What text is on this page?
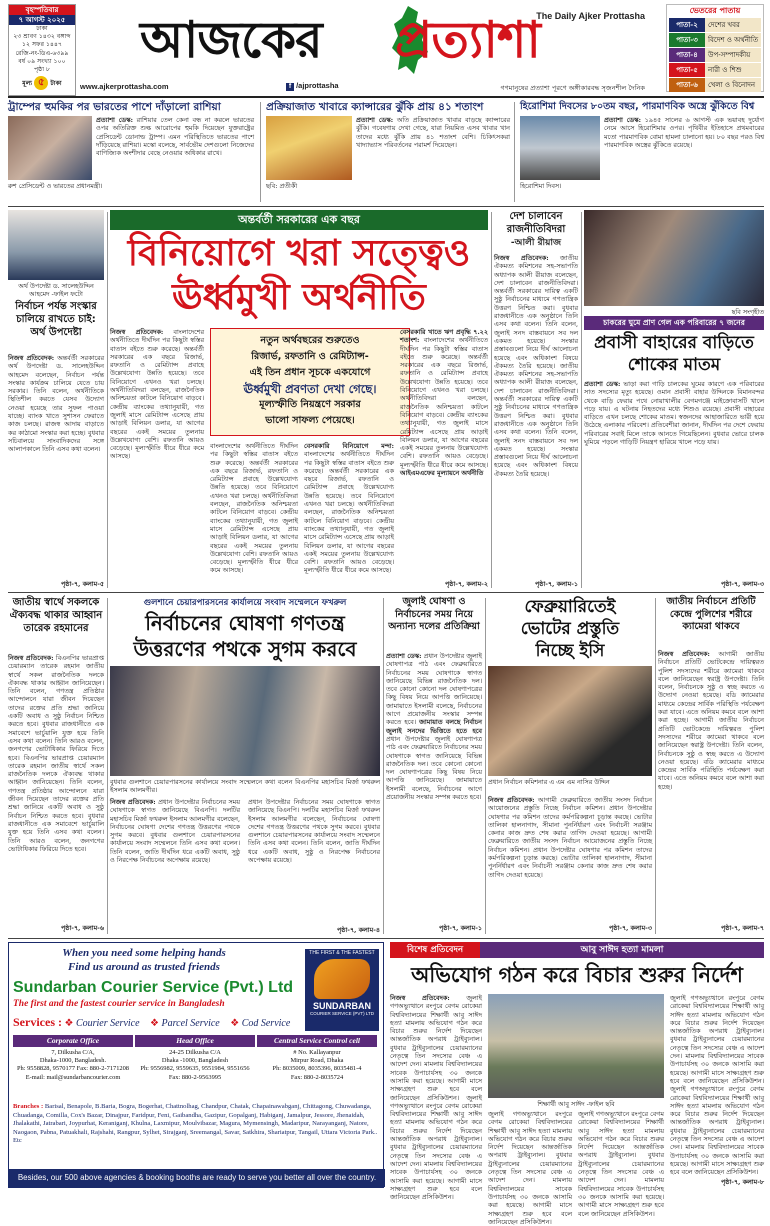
বৃহস্পতিবার
৭ আগস্ট ২০২৫
ঢাকা
২৩ শ্রাবণ ১৪৩২ বঙ্গাব্দ
১২ সফর ১৪৪৭
রেজি-নং-ডিএ-৬৩৯৯
বর্ষ ০৯ সংখ্যা ১০০
পৃষ্ঠা ৮
মূল্য ৫ টাকা
আজকের প্রত্যাশা
The Daily Ajker Prottasha
www.ajkerprottasha.com	f /ajprottasha	গণমানুষের প্রত্যাশা পূরণে অঙ্গীকারবদ্ধ সৃজনশীল দৈনিক
ভেতরের পাতায়
পাতা-২	দেশের খবর
পাতা-৩	বিদেশ ও অর্থনীতি
পাতা-৪	উপ-সম্পাদকীয়
পাতা-৫	নারী ও শিশু
পাতা-৬	খেলা ও বিনোদন
ট্রাম্পের হুমকির পর ভারতের পাশে দাঁড়ালো রাশিয়া
প্রত্যাশা ডেস্ক: রাশিয়ার তেল কেনা বন্ধ না করলে ভারতের ওপর অতিরিক্ত শুল্ক আরোপের হুমকি দিয়েছেন যুক্তরাষ্ট্রের প্রেসিডেন্ট ডোনাল্ড ট্রাম্প। এমন পরিস্থিতিতে ভারতের পাশে দাঁড়িয়েছে রাশিয়া। মস্কো বলেছে, সার্বভৌম দেশগুলো নিজেদের বাণিজ্যিক অংশীদার বেছে নেওয়ার অধিকার রাখে।
রুশ প্রেসিডেন্ট ও ভারতের প্রধানমন্ত্রী।
প্রক্রিয়াজাত খাবারে ক্যান্সারের ঝুঁকি প্রায় ৪১ শতাংশ
প্রত্যাশা ডেস্ক: অতি প্রক্রিয়াজাত খাবার বাড়ছে ক্যান্সারের ঝুঁকি। গবেষণায় দেখা গেছে, যারা নিয়মিত এসব খাবার খান তাদের মধ্যে ঝুঁকি প্রায় ৪১ শতাংশ বেশি। চিকিৎসকরা খাদ্যাভ্যাস পরিবর্তনের পরামর্শ দিয়েছেন।
ছবি: প্রতীকী
হিরোশিমা দিবসের ৮০তম বছর, পারমাণবিক অস্ত্রে ঝুঁকিতে বিশ্ব
প্রত্যাশা ডেস্ক: ১৯৪৫ সালের ৬ আগস্ট এক ভয়াবহ দুর্যোগ নেমে আসে হিরোশিমার ওপর। পৃথিবীর ইতিহাসে প্রথমবারের মতো পারমাণবিক বোমা হামলা চালানো হয়। ৮০ বছর পরও বিশ্ব পারমাণবিক অস্ত্রের ঝুঁকিতে রয়েছে।
হিরোশিমা দিবস।
অর্থ উপদেষ্টা ড. সালেহউদ্দিন আহমেদ -ফাইল ফটো
নির্বাচন পর্যন্ত সংস্কার চালিয়ে রাখতে চাই: অর্থ উপদেষ্টা
নিজস্ব প্রতিবেদক: অন্তর্বর্তী সরকারের অর্থ উপদেষ্টা ড. সালেহউদ্দিন আহমেদ বলেছেন, নির্বাচন পর্যন্ত সংস্কার কার্যক্রম চালিয়ে যেতে চায় সরকার। তিনি বলেন, অর্থনীতিকে স্থিতিশীল করতে যেসব উদ্যোগ নেওয়া হয়েছে তার সুফল পাওয়া যাচ্ছে। ব্যাংক খাতে সুশাসন ফেরাতে কাজ চলছে। রাজস্ব আদায় বাড়াতে কর কাঠামো সংস্কার করা হচ্ছে। বুধবার সচিবালয়ে সাংবাদিকদের সঙ্গে আলাপকালে তিনি এসব কথা বলেন।
পৃষ্ঠা-৭, কলাম-৫
অন্তর্বর্তী সরকারের এক বছর
বিনিয়োগে খরা সত্ত্বেও
ঊর্ধ্বমুখী অর্থনীতি
নতুন অর্থবছরের শুরুতেও
রিজার্ভ, রফতানি ও রেমিট্যান্স-
এই তিন প্রধান সূচকে একযোগে
ঊর্ধ্বমুখী প্রবণতা দেখা গেছে।
মূল্যস্ফীতি নিয়ন্ত্রণে সরকার
ভালো সাফল্য পেয়েছে।
নিজস্ব প্রতিবেদক: বাংলাদেশের অর্থনীতিতে দীর্ঘদিন পর কিছুটা স্বস্তির বাতাস বইতে শুরু করেছে। অন্তর্বর্তী সরকারের এক বছরে রিজার্ভ, রফতানি ও রেমিট্যান্স প্রবাহে উল্লেখযোগ্য উন্নতি হয়েছে। তবে বিনিয়োগে এখনও খরা চলছে। অর্থনীতিবিদরা বলছেন, রাজনৈতিক অনিশ্চয়তা কাটলে বিনিয়োগ বাড়বে। কেন্দ্রীয় ব্যাংকের তথ্যানুযায়ী, গত জুলাই মাসে রেমিট্যান্স এসেছে প্রায় আড়াই বিলিয়ন ডলার, যা আগের বছরের একই সময়ের তুলনায় উল্লেখযোগ্য বেশি। রফতানি আয়ও বেড়েছে। মূল্যস্ফীতি ধীরে ধীরে কমে আসছে।
বাংলাদেশের অর্থনীতিতে দীর্ঘদিন পর কিছুটা স্বস্তির বাতাস বইতে শুরু করেছে। অন্তর্বর্তী সরকারের এক বছরে রিজার্ভ, রফতানি ও রেমিট্যান্স প্রবাহে উল্লেখযোগ্য উন্নতি হয়েছে। তবে বিনিয়োগে এখনও খরা চলছে। অর্থনীতিবিদরা বলছেন, রাজনৈতিক অনিশ্চয়তা কাটলে বিনিয়োগ বাড়বে। কেন্দ্রীয় ব্যাংকের তথ্যানুযায়ী, গত জুলাই মাসে রেমিট্যান্স এসেছে প্রায় আড়াই বিলিয়ন ডলার, যা আগের বছরের একই সময়ের তুলনায় উল্লেখযোগ্য বেশি। রফতানি আয়ও বেড়েছে। মূল্যস্ফীতি ধীরে ধীরে কমে আসছে।
বেসরকারি বিনিয়োগে মন্দা: বাংলাদেশের অর্থনীতিতে দীর্ঘদিন পর কিছুটা স্বস্তির বাতাস বইতে শুরু করেছে। অন্তর্বর্তী সরকারের এক বছরে রিজার্ভ, রফতানি ও রেমিট্যান্স প্রবাহে উল্লেখযোগ্য উন্নতি হয়েছে। তবে বিনিয়োগে এখনও খরা চলছে। অর্থনীতিবিদরা বলছেন, রাজনৈতিক অনিশ্চয়তা কাটলে বিনিয়োগ বাড়বে। কেন্দ্রীয় ব্যাংকের তথ্যানুযায়ী, গত জুলাই মাসে রেমিট্যান্স এসেছে প্রায় আড়াই বিলিয়ন ডলার, যা আগের বছরের একই সময়ের তুলনায় উল্লেখযোগ্য বেশি। রফতানি আয়ও বেড়েছে। মূল্যস্ফীতি ধীরে ধীরে কমে আসছে।
বেসরকারি খাতে ঋণ প্রবৃদ্ধি ৭.২২ শতাংশ: বাংলাদেশের অর্থনীতিতে দীর্ঘদিন পর কিছুটা স্বস্তির বাতাস বইতে শুরু করেছে। অন্তর্বর্তী সরকারের এক বছরে রিজার্ভ, রফতানি ও রেমিট্যান্স প্রবাহে উল্লেখযোগ্য উন্নতি হয়েছে। তবে বিনিয়োগে এখনও খরা চলছে। অর্থনীতিবিদরা বলছেন, রাজনৈতিক অনিশ্চয়তা কাটলে বিনিয়োগ বাড়বে। কেন্দ্রীয় ব্যাংকের তথ্যানুযায়ী, গত জুলাই মাসে রেমিট্যান্স এসেছে প্রায় আড়াই বিলিয়ন ডলার, যা আগের বছরের একই সময়ের তুলনায় উল্লেখযোগ্য বেশি। রফতানি আয়ও বেড়েছে। মূল্যস্ফীতি ধীরে ধীরে কমে আসছে। আইএমএফের মূল্যায়নে অর্থনীতি
পৃষ্ঠা-৭, কলাম-২
দেশ চালাবেন
রাজনীতিবিদরা
-আলী রীয়াজ
নিজস্ব প্রতিবেদক: জাতীয় ঐকমত্য কমিশনের সহ-সভাপতি অধ্যাপক আলী রীয়াজ বলেছেন, দেশ চালাবেন রাজনীতিবিদরা। অন্তর্বর্তী সরকারের দায়িত্ব একটি সুষ্ঠু নির্বাচনের মাধ্যমে গণতান্ত্রিক উত্তরণ নিশ্চিত করা। বুধবার রাজধানীতে এক অনুষ্ঠানে তিনি এসব কথা বলেন। তিনি বলেন, জুলাই সনদ বাস্তবায়নে সব দল একমত হয়েছে। সংস্কার প্রস্তাবগুলো নিয়ে দীর্ঘ আলোচনা হয়েছে এবং অধিকাংশ বিষয়ে ঐকমত্য তৈরি হয়েছে। জাতীয় ঐকমত্য কমিশনের সহ-সভাপতি অধ্যাপক আলী রীয়াজ বলেছেন, দেশ চালাবেন রাজনীতিবিদরা। অন্তর্বর্তী সরকারের দায়িত্ব একটি সুষ্ঠু নির্বাচনের মাধ্যমে গণতান্ত্রিক উত্তরণ নিশ্চিত করা। বুধবার রাজধানীতে এক অনুষ্ঠানে তিনি এসব কথা বলেন। তিনি বলেন, জুলাই সনদ বাস্তবায়নে সব দল একমত হয়েছে। সংস্কার প্রস্তাবগুলো নিয়ে দীর্ঘ আলোচনা হয়েছে এবং অধিকাংশ বিষয়ে ঐকমত্য তৈরি হয়েছে।
পৃষ্ঠা-৭, কলাম-১
ছবি সংগৃহীত
চাকরের ঘুমে প্রাণ গেল এক পরিবারের ৭ জনের
প্রবাসী বাহারের বাড়িতে
শোকের মাতম
প্রত্যাশা ডেস্ক: ভাড়া করা গাড়ি চালকের ঘুমের কারণে এক পরিবারের সাত সদস্যের মৃত্যু হয়েছে। ওমান প্রবাসী বাহার উদ্দিনকে বিমানবন্দর থেকে বাড়ি ফেরার পথে নোয়াখালীর বেগমগঞ্জে মাইক্রোবাসটি খালে পড়ে যায়। এ ঘটনায় নিহতদের মধ্যে শিশুও রয়েছে। প্রবাসী বাহারের বাড়িতে এখন চলছে শোকের মাতম। স্বজনদের আহাজারিতে ভারী হয়ে উঠেছে এলাকার পরিবেশ। প্রতিবেশীরা জানান, দীর্ঘদিন পর দেশে ফেরায় পরিবারের সবাই মিলে তাকে আনতে গিয়েছিলেন। বুধবার ভোরে চালক ঘুমিয়ে পড়লে গাড়িটি নিয়ন্ত্রণ হারিয়ে খালে পড়ে যায়।
পৃষ্ঠা-৭, কলাম-৩
জাতীয় স্বার্থে সকলকে ঐক্যবদ্ধ থাকার আহ্বান তারেক রহমানের
নিজস্ব প্রতিবেদক: বিএনপির ভারপ্রাপ্ত চেয়ারম্যান তারেক রহমান জাতীয় স্বার্থে সকল রাজনৈতিক দলকে ঐক্যবদ্ধ থাকার আহ্বান জানিয়েছেন। তিনি বলেন, গণতন্ত্র প্রতিষ্ঠার আন্দোলনে যারা জীবন দিয়েছেন তাদের রক্তের প্রতি শ্রদ্ধা জানিয়ে একটি অবাধ ও সুষ্ঠু নির্বাচন নিশ্চিত করতে হবে। বুধবার রাজধানীতে এক সমাবেশে ভার্চুয়ালি যুক্ত হয়ে তিনি এসব কথা বলেন। তিনি আরও বলেন, জনগণের ভোটাধিকার ফিরিয়ে দিতে হবে। বিএনপির ভারপ্রাপ্ত চেয়ারম্যান তারেক রহমান জাতীয় স্বার্থে সকল রাজনৈতিক দলকে ঐক্যবদ্ধ থাকার আহ্বান জানিয়েছেন। তিনি বলেন, গণতন্ত্র প্রতিষ্ঠার আন্দোলনে যারা জীবন দিয়েছেন তাদের রক্তের প্রতি শ্রদ্ধা জানিয়ে একটি অবাধ ও সুষ্ঠু নির্বাচন নিশ্চিত করতে হবে। বুধবার রাজধানীতে এক সমাবেশে ভার্চুয়ালি যুক্ত হয়ে তিনি এসব কথা বলেন। তিনি আরও বলেন, জনগণের ভোটাধিকার ফিরিয়ে দিতে হবে।
পৃষ্ঠা-৭, কলাম-৬
গুলশানে চেয়ারপারসনের কার্যালয়ে সংবাদ সম্মেলনে ফখরুল
নির্বাচনের ঘোষণা গণতন্ত্র
উত্তরণের পথকে সুগম করবে
বুধবার গুলশানে চেয়ারপারসনের কার্যালয়ে সংবাদ সম্মেলনে কথা বলেন বিএনপির মহাসচিব মির্জা ফখরুল ইসলাম আলমগীর।
নিজস্ব প্রতিবেদক: প্রধান উপদেষ্টার নির্বাচনের সময় ঘোষণাকে স্বাগত জানিয়েছে বিএনপি। দলটির মহাসচিব মির্জা ফখরুল ইসলাম আলমগীর বলেছেন, নির্বাচনের ঘোষণা দেশের গণতন্ত্র উত্তরণের পথকে সুগম করবে। বুধবার গুলশানে চেয়ারপারসনের কার্যালয়ে সংবাদ সম্মেলনে তিনি এসব কথা বলেন। তিনি বলেন, জাতি দীর্ঘদিন ধরে একটি অবাধ, সুষ্ঠু ও নিরপেক্ষ নির্বাচনের অপেক্ষায় রয়েছে।
প্রধান উপদেষ্টার নির্বাচনের সময় ঘোষণাকে স্বাগত জানিয়েছে বিএনপি। দলটির মহাসচিব মির্জা ফখরুল ইসলাম আলমগীর বলেছেন, নির্বাচনের ঘোষণা দেশের গণতন্ত্র উত্তরণের পথকে সুগম করবে। বুধবার গুলশানে চেয়ারপারসনের কার্যালয়ে সংবাদ সম্মেলনে তিনি এসব কথা বলেন। তিনি বলেন, জাতি দীর্ঘদিন ধরে একটি অবাধ, সুষ্ঠু ও নিরপেক্ষ নির্বাচনের অপেক্ষায় রয়েছে।
পৃষ্ঠা-৭, কলাম-৪
জুলাই ঘোষণা ও নির্বাচনের সময় নিয়ে অন্যান্য দলের প্রতিক্রিয়া
প্রত্যাশা ডেস্ক: প্রধান উপদেষ্টার জুলাই ঘোষণাপত্র পাঠ এবং ফেব্রুয়ারিতে নির্বাচনের সময় ঘোষণাকে স্বাগত জানিয়েছে বিভিন্ন রাজনৈতিক দল। তবে কোনো কোনো দল ঘোষণাপত্রের কিছু বিষয় নিয়ে আপত্তি জানিয়েছে। জামায়াতে ইসলামী বলেছে, নির্বাচনের আগে প্রয়োজনীয় সংস্কার সম্পন্ন করতে হবে। জামায়াত বলছে নির্বাচন জুলাই সনদের ভিত্তিতে হতে হবে প্রধান উপদেষ্টার জুলাই ঘোষণাপত্র পাঠ এবং ফেব্রুয়ারিতে নির্বাচনের সময় ঘোষণাকে স্বাগত জানিয়েছে বিভিন্ন রাজনৈতিক দল। তবে কোনো কোনো দল ঘোষণাপত্রের কিছু বিষয় নিয়ে আপত্তি জানিয়েছে। জামায়াতে ইসলামী বলেছে, নির্বাচনের আগে প্রয়োজনীয় সংস্কার সম্পন্ন করতে হবে।
পৃষ্ঠা-৭, কলাম-১
ফেব্রুয়ারিতেই
ভোটের প্রস্তুতি
নিচ্ছে ইসি
প্রধান নির্বাচন কমিশনার এ এম এম নাসির উদ্দিন
নিজস্ব প্রতিবেদক: আগামী ফেব্রুয়ারিতে জাতীয় সংসদ নির্বাচন আয়োজনের প্রস্তুতি নিচ্ছে নির্বাচন কমিশন। প্রধান উপদেষ্টার ঘোষণার পর কমিশন তাদের কর্মপরিকল্পনা চূড়ান্ত করছে। ভোটার তালিকা হালনাগাদ, সীমানা পুনর্নির্ধারণ এবং নির্বাচনী সরঞ্জাম কেনার কাজ দ্রুত শেষ করার তাগিদ দেওয়া হয়েছে। আগামী ফেব্রুয়ারিতে জাতীয় সংসদ নির্বাচন আয়োজনের প্রস্তুতি নিচ্ছে নির্বাচন কমিশন। প্রধান উপদেষ্টার ঘোষণার পর কমিশন তাদের কর্মপরিকল্পনা চূড়ান্ত করছে। ভোটার তালিকা হালনাগাদ, সীমানা পুনর্নির্ধারণ এবং নির্বাচনী সরঞ্জাম কেনার কাজ দ্রুত শেষ করার তাগিদ দেওয়া হয়েছে।
পৃষ্ঠা-৭, কলাম-৩
জাতীয় নির্বাচনে প্রতিটি কেন্দ্রে পুলিশের শরীরে ক্যামেরা থাকবে
নিজস্ব প্রতিবেদক: আগামী জাতীয় নির্বাচনে প্রতিটি ভোটকেন্দ্রে দায়িত্বরত পুলিশ সদস্যদের শরীরে ক্যামেরা থাকবে বলে জানিয়েছেন স্বরাষ্ট্র উপদেষ্টা। তিনি বলেন, নির্বাচনকে সুষ্ঠু ও স্বচ্ছ করতে এ উদ্যোগ নেওয়া হয়েছে। বডি ক্যামেরার মাধ্যমে কেন্দ্রের সার্বিক পরিস্থিতি পর্যবেক্ষণ করা যাবে। এতে অনিয়ম কমবে বলে আশা করা হচ্ছে। আগামী জাতীয় নির্বাচনে প্রতিটি ভোটকেন্দ্রে দায়িত্বরত পুলিশ সদস্যদের শরীরে ক্যামেরা থাকবে বলে জানিয়েছেন স্বরাষ্ট্র উপদেষ্টা। তিনি বলেন, নির্বাচনকে সুষ্ঠু ও স্বচ্ছ করতে এ উদ্যোগ নেওয়া হয়েছে। বডি ক্যামেরার মাধ্যমে কেন্দ্রের সার্বিক পরিস্থিতি পর্যবেক্ষণ করা যাবে। এতে অনিয়ম কমবে বলে আশা করা হচ্ছে।
পৃষ্ঠা-৭, কলাম-৭
When you need some helping hands
Find us around as trusted friends
Sundarban Courier Service (Pvt.) Ltd
The first and the fastest courier service in Bangladesh
Services : ❖ Courier Service ❖ Parcel Service ❖ Cod Service
THE FIRST & THE FASTEST
SUNDARBAN
COURIER SERVICE (PVT) LTD
Corporate Office
7, Dilkusha C/A,
Dhaka-1000, Bangladesh.
Ph: 9558828, 9570177 Fax: 880-2-7171208
E-mail: mail@sundarbancourier.com
Head Office
24-25 Dilkusha C/A
Dhaka -1000, Bangladesh
Ph: 9556982, 9559635, 9551984, 9551656
Fax: 880-2-9563995
Central Service Control cell
# No. Kallayanpur
Mirpur Road, Dhaka
Ph: 8035009, 8035396, 8035481-4
Fax: 880-2-8035724
Branches : Barisal, Benapole, B.Baria, Bogra, Bogerhat, Chattnolhag, Chandpur, Chatak, Chapainawabganj, Chittagong, Chuwadanga, Chuadanga, Comilla, Cox's Bazar, Dinajpur, Faridpur, Feni, Gaibandha, Gazipur, Gopalganj, Habiganj, Jamalpur, Jessore, Jhenaidah, Jhalakathi, Jatrabari, Joypurhat, Keraniganj, Khulna, Laxmipur, Moulvibazar, Magura, Mymensingh, Madaripur, Narayanganj, Natore, Naogaon, Pabna, Patuakhali, Rajshahi, Rangpur, Sylhet, Sirajganj, Sreemangal, Savar, Satkhira, Shariatpur, Tangail, Uttara Victoria Park.. Etc
Besides, our 500 above agencies & booking booths are ready to serve you better all over the country.
বিশেষ প্রতিবেদন	আবু সাঈদ হত্যা মামলা
অভিযোগ গঠন করে বিচার শুরুর নির্দেশ
নিজস্ব প্রতিবেদক:	জুলাই গণঅভ্যুত্থানে রংপুরে বেগম রোকেয়া বিশ্ববিদ্যালয়ের শিক্ষার্থী আবু সাঈদ হত্যা মামলায় অভিযোগ গঠন করে বিচার শুরুর নির্দেশ দিয়েছেন আন্তর্জাতিক অপরাধ ট্রাইব্যুনাল। বুধবার ট্রাইব্যুনালের চেয়ারম্যানের নেতৃত্বে তিন সদস্যের বেঞ্চ এ আদেশ দেন। মামলায় বিশ্ববিদ্যালয়ের সাবেক উপাচার্যসহ ৩০ জনকে আসামি করা হয়েছে। আগামী মাসে সাক্ষ্যগ্রহণ শুরু হবে বলে জানিয়েছেন প্রসিকিউশন। জুলাই গণঅভ্যুত্থানে রংপুরে বেগম রোকেয়া বিশ্ববিদ্যালয়ের শিক্ষার্থী আবু সাঈদ হত্যা মামলায় অভিযোগ গঠন করে বিচার শুরুর নির্দেশ দিয়েছেন আন্তর্জাতিক অপরাধ ট্রাইব্যুনাল। বুধবার ট্রাইব্যুনালের চেয়ারম্যানের নেতৃত্বে তিন সদস্যের বেঞ্চ এ আদেশ দেন। মামলায় বিশ্ববিদ্যালয়ের সাবেক উপাচার্যসহ ৩০ জনকে আসামি করা হয়েছে। আগামী মাসে সাক্ষ্যগ্রহণ শুরু হবে বলে জানিয়েছেন প্রসিকিউশন।
শিক্ষার্থী আবু সাঈদ -ফাইল ছবি
জুলাই গণঅভ্যুত্থানে রংপুরে বেগম রোকেয়া বিশ্ববিদ্যালয়ের শিক্ষার্থী আবু সাঈদ হত্যা মামলায় অভিযোগ গঠন করে বিচার শুরুর নির্দেশ দিয়েছেন আন্তর্জাতিক অপরাধ ট্রাইব্যুনাল। বুধবার ট্রাইব্যুনালের চেয়ারম্যানের নেতৃত্বে তিন সদস্যের বেঞ্চ এ আদেশ দেন। মামলায় বিশ্ববিদ্যালয়ের সাবেক উপাচার্যসহ ৩০ জনকে আসামি করা হয়েছে। আগামী মাসে সাক্ষ্যগ্রহণ শুরু হবে বলে জানিয়েছেন প্রসিকিউশন।
জুলাই গণঅভ্যুত্থানে রংপুরে বেগম রোকেয়া বিশ্ববিদ্যালয়ের শিক্ষার্থী আবু সাঈদ হত্যা মামলায় অভিযোগ গঠন করে বিচার শুরুর নির্দেশ দিয়েছেন আন্তর্জাতিক অপরাধ ট্রাইব্যুনাল। বুধবার ট্রাইব্যুনালের চেয়ারম্যানের নেতৃত্বে তিন সদস্যের বেঞ্চ এ আদেশ দেন। মামলায় বিশ্ববিদ্যালয়ের সাবেক উপাচার্যসহ ৩০ জনকে আসামি করা হয়েছে। আগামী মাসে সাক্ষ্যগ্রহণ শুরু হবে বলে জানিয়েছেন প্রসিকিউশন।
জুলাই গণঅভ্যুত্থানে রংপুরে বেগম রোকেয়া বিশ্ববিদ্যালয়ের শিক্ষার্থী আবু সাঈদ হত্যা মামলায় অভিযোগ গঠন করে বিচার শুরুর নির্দেশ দিয়েছেন আন্তর্জাতিক অপরাধ ট্রাইব্যুনাল। বুধবার ট্রাইব্যুনালের চেয়ারম্যানের নেতৃত্বে তিন সদস্যের বেঞ্চ এ আদেশ দেন। মামলায় বিশ্ববিদ্যালয়ের সাবেক উপাচার্যসহ ৩০ জনকে আসামি করা হয়েছে। আগামী মাসে সাক্ষ্যগ্রহণ শুরু হবে বলে জানিয়েছেন প্রসিকিউশন। জুলাই গণঅভ্যুত্থানে রংপুরে বেগম রোকেয়া বিশ্ববিদ্যালয়ের শিক্ষার্থী আবু সাঈদ হত্যা মামলায় অভিযোগ গঠন করে বিচার শুরুর নির্দেশ দিয়েছেন আন্তর্জাতিক অপরাধ ট্রাইব্যুনাল। বুধবার ট্রাইব্যুনালের চেয়ারম্যানের নেতৃত্বে তিন সদস্যের বেঞ্চ এ আদেশ দেন। মামলায় বিশ্ববিদ্যালয়ের সাবেক উপাচার্যসহ ৩০ জনকে আসামি করা হয়েছে। আগামী মাসে সাক্ষ্যগ্রহণ শুরু হবে বলে জানিয়েছেন প্রসিকিউশন।
পৃষ্ঠা-৭, কলাম-৮
